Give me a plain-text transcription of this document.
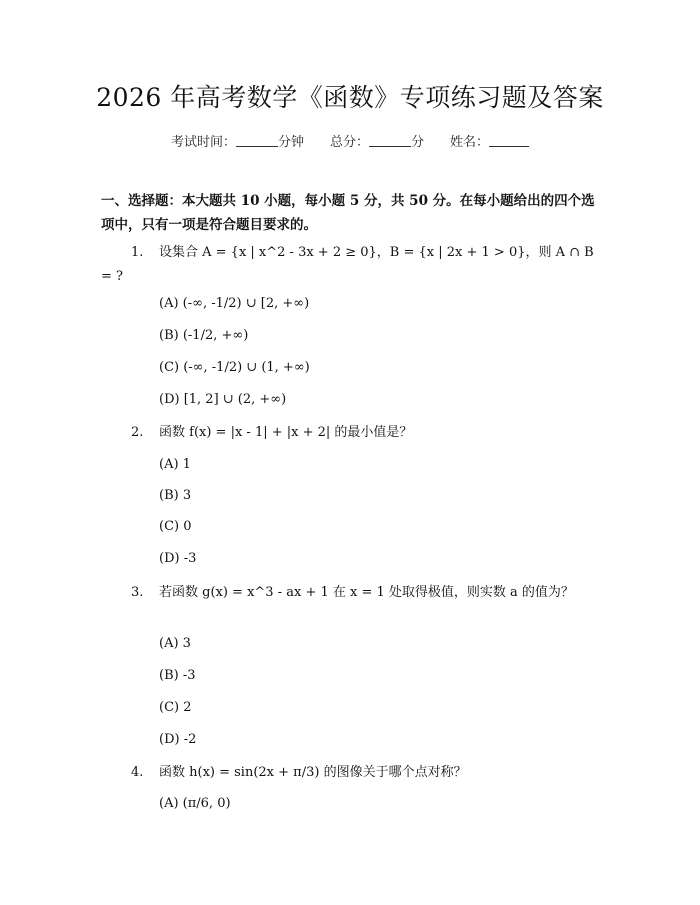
2026 年高考数学《函数》专项练习题及答案
考试时间：	分钟 总分：	分 姓名：
一、选择题：本大题共 10 小题，每小题 5 分，共 50 分。在每小题给出的四个选项中，只有一项是符合题目要求的。
1. 设集合 A = {x | x^2 - 3x + 2 ≥ 0}，B = {x | 2x + 1 > 0}，则 A ∩ B = ?
(A) (-∞, -1/2) ∪ [2, +∞)
(B) (-1/2, +∞)
(C) (-∞, -1/2) ∪ (1, +∞)
(D) [1, 2] ∪ (2, +∞)
2. 函数 f(x) = |x - 1| + |x + 2| 的最小值是？
(A) 1
(B) 3
(C) 0
(D) -3
3. 若函数 g(x) = x^3 - ax + 1 在 x = 1 处取得极值，则实数 a 的值为？
(A) 3
(B) -3
(C) 2
(D) -2
4. 函数 h(x) = sin(2x + π/3) 的图像关于哪个点对称？
(A) (π/6, 0)
